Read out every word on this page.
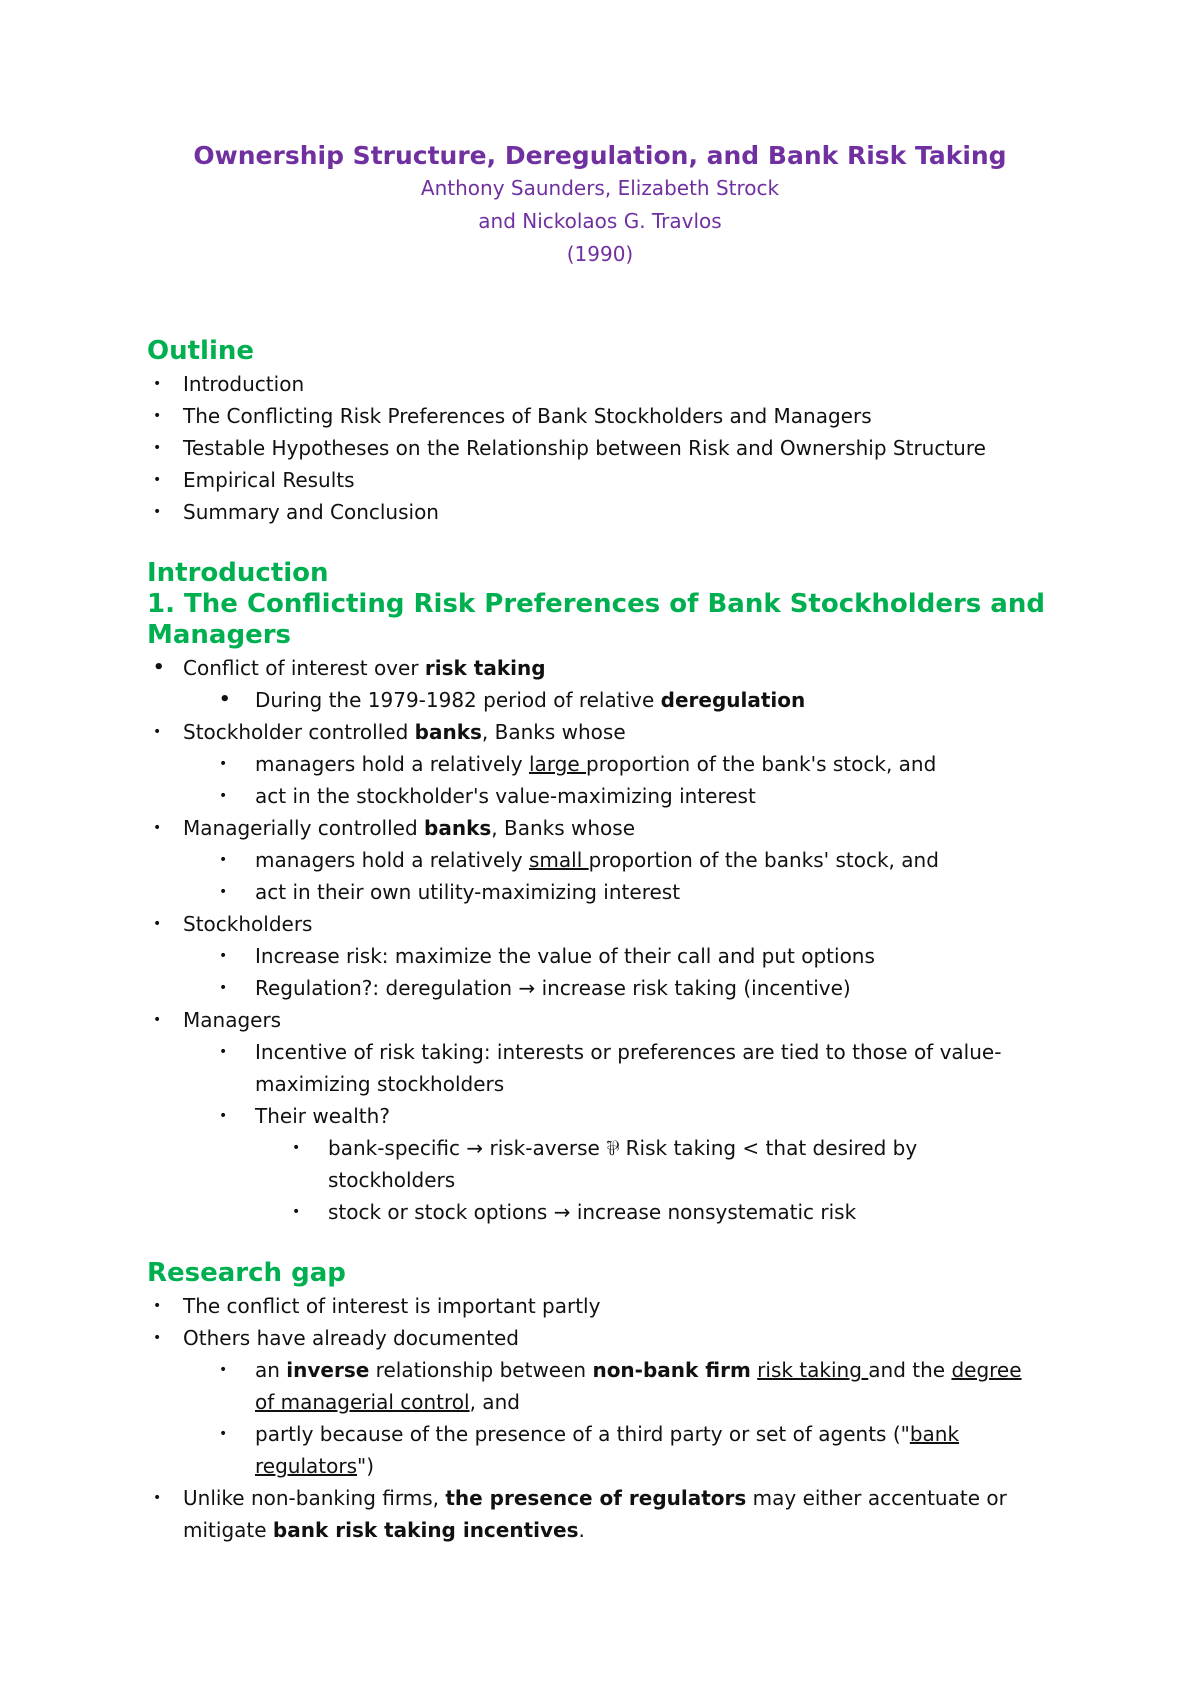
Ownership Structure, Deregulation, and Bank Risk Taking
Anthony Saunders, Elizabeth Strock
and Nickolaos G. Travlos
(1990)
Outline
• Introduction
• The Conflicting Risk Preferences of Bank Stockholders and Managers
• Testable Hypotheses on the Relationship between Risk and Ownership Structure
• Empirical Results
• Summary and Conclusion
Introduction
1. The Conflicting Risk Preferences of Bank Stockholders and
Managers
• Conflict of interest over risk taking
• During the 1979-1982 period of relative deregulation
• Stockholder controlled banks, Banks whose
• managers hold a relatively large proportion of the bank's stock, and
• act in the stockholder's value-maximizing interest
• Managerially controlled banks, Banks whose
• managers hold a relatively small proportion of the banks' stock, and
• act in their own utility-maximizing interest
• Stockholders
• Increase risk: maximize the value of their call and put options
• Regulation?: deregulation → increase risk taking (incentive)
• Managers
• Incentive of risk taking: interests or preferences are tied to those of value-
maximizing stockholders
• Their wealth?
• bank-specific → risk-averse ⅌ Risk taking < that desired by
stockholders
• stock or stock options → increase nonsystematic risk
Research gap
• The conflict of interest is important partly
• Others have already documented
• an inverse relationship between non-bank firm risk taking and the degree
of managerial control, and
• partly because of the presence of a third party or set of agents ("bank
regulators")
• Unlike non-banking firms, the presence of regulators may either accentuate or
mitigate bank risk taking incentives.
